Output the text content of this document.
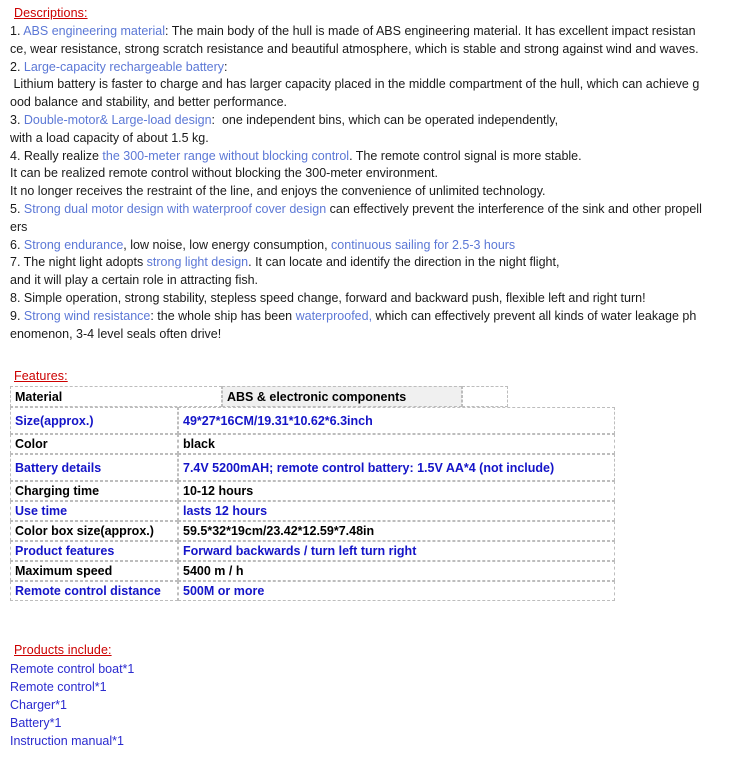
Descriptions:
1. ABS engineering material: The main body of the hull is made of ABS engineering material. It has excellent impact resistan
ce, wear resistance, strong scratch resistance and beautiful atmosphere, which is stable and strong against wind and waves.
2. Large-capacity rechargeable battery:
Lithium battery is faster to charge and has larger capacity placed in the middle compartment of the hull, which can achieve g
ood balance and stability, and better performance.
3. Double-motor& Large-load design:  one independent bins, which can be operated independently,
with a load capacity of about 1.5 kg.
4. Really realize the 300-meter range without blocking control. The remote control signal is more stable.
It can be realized remote control without blocking the 300-meter environment.
It no longer receives the restraint of the line, and enjoys the convenience of unlimited technology.
5. Strong dual motor design with waterproof cover design can effectively prevent the interference of the sink and other propell
ers
6. Strong endurance, low noise, low energy consumption, continuous sailing for 2.5-3 hours
7. The night light adopts strong light design. It can locate and identify the direction in the night flight,
and it will play a certain role in attracting fish.
8. Simple operation, strong stability, stepless speed change, forward and backward push, flexible left and right turn!
9. Strong wind resistance: the whole ship has been waterproofed, which can effectively prevent all kinds of water leakage ph
enomenon, 3-4 level seals often drive!
Features:
Material	ABS & electronic components
Size(approx.)	49*27*16CM/19.31*10.62*6.3inch
Color	black
Battery details	7.4V 5200mAH; remote control battery: 1.5V AA*4 (not include)
Charging time	10-12 hours
Use time	lasts 12 hours
Color box size(approx.)	59.5*32*19cm/23.42*12.59*7.48in
Product features	Forward backwards / turn left turn right
Maximum speed	5400 m / h
Remote control distance	500M or more
Products include:
Remote control boat*1
Remote control*1
Charger*1
Battery*1
Instruction manual*1
